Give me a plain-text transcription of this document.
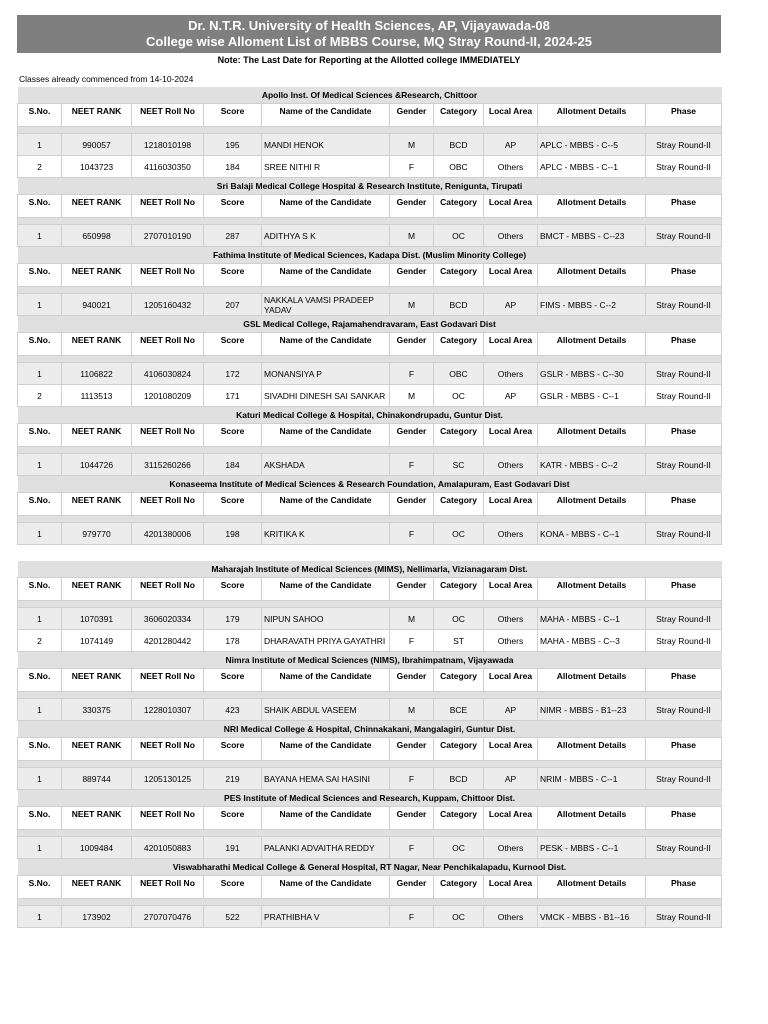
Dr. N.T.R. University of Health Sciences, AP, Vijayawada-08
College wise Alloment List of MBBS Course, MQ Stray Round-II, 2024-25
Note: The Last Date for Reporting at the Allotted college IMMEDIATELY
Classes already commenced from 14-10-2024
Apollo Inst. Of Medical Sciences &Research, Chittoor									
S.No.	NEET RANK	NEET Roll No	Score	Name of the Candidate	Gender	Category	Local Area	Allotment Details	Phase

1	990057	1218010198	195	MANDI HENOK	M	BCD	AP	APLC - MBBS - C--5	Stray Round-II
2	1043723	4116030350	184	SREE NITHI R	F	OBC	Others	APLC - MBBS - C--1	Stray Round-II
Sri Balaji Medical College Hospital & Research Institute, Renigunta, Tirupati									
S.No.	NEET RANK	NEET Roll No	Score	Name of the Candidate	Gender	Category	Local Area	Allotment Details	Phase

1	650998	2707010190	287	ADITHYA S K	M	OC	Others	BMCT - MBBS - C--23	Stray Round-II
Fathima Institute of Medical Sciences, Kadapa Dist. (Muslim Minority College)									
S.No.	NEET RANK	NEET Roll No	Score	Name of the Candidate	Gender	Category	Local Area	Allotment Details	Phase

1	940021	1205160432	207	NAKKALA VAMSI PRADEEP YADAV	M	BCD	AP	FIMS - MBBS - C--2	Stray Round-II
GSL Medical College, Rajamahendravaram, East Godavari Dist									
S.No.	NEET RANK	NEET Roll No	Score	Name of the Candidate	Gender	Category	Local Area	Allotment Details	Phase

1	1106822	4106030824	172	MONANSIYA P	F	OBC	Others	GSLR - MBBS - C--30	Stray Round-II
2	1113513	1201080209	171	SIVADHI DINESH SAI SANKAR	M	OC	AP	GSLR - MBBS - C--1	Stray Round-II
Katuri Medical College & Hospital, Chinakondrupadu, Guntur Dist.									
S.No.	NEET RANK	NEET Roll No	Score	Name of the Candidate	Gender	Category	Local Area	Allotment Details	Phase

1	1044726	3115260266	184	AKSHADA	F	SC	Others	KATR - MBBS - C--2	Stray Round-II
Konaseema Institute of Medical Sciences & Research Foundation, Amalapuram, East Godavari Dist									
S.No.	NEET RANK	NEET Roll No	Score	Name of the Candidate	Gender	Category	Local Area	Allotment Details	Phase

1	979770	4201380006	198	KRITIKA K	F	OC	Others	KONA - MBBS - C--1	Stray Round-II
Maharajah Institute of Medical Sciences (MIMS), Nellimarla, Vizianagaram Dist.									
S.No.	NEET RANK	NEET Roll No	Score	Name of the Candidate	Gender	Category	Local Area	Allotment Details	Phase

1	1070391	3606020334	179	NIPUN SAHOO	M	OC	Others	MAHA - MBBS - C--1	Stray Round-II
2	1074149	4201280442	178	DHARAVATH PRIYA GAYATHRI	F	ST	Others	MAHA - MBBS - C--3	Stray Round-II
Nimra Institute of Medical Sciences (NIMS), Ibrahimpatnam, Vijayawada									
S.No.	NEET RANK	NEET Roll No	Score	Name of the Candidate	Gender	Category	Local Area	Allotment Details	Phase

1	330375	1228010307	423	SHAIK ABDUL VASEEM	M	BCE	AP	NIMR - MBBS - B1--23	Stray Round-II
NRI Medical College & Hospital, Chinnakakani, Mangalagiri, Guntur Dist.									
S.No.	NEET RANK	NEET Roll No	Score	Name of the Candidate	Gender	Category	Local Area	Allotment Details	Phase

1	889744	1205130125	219	BAYANA HEMA SAI HASINI	F	BCD	AP	NRIM - MBBS - C--1	Stray Round-II
PES Institute of Medical Sciences and Research, Kuppam, Chittoor Dist.									
S.No.	NEET RANK	NEET Roll No	Score	Name of the Candidate	Gender	Category	Local Area	Allotment Details	Phase

1	1009484	4201050883	191	PALANKI ADVAITHA REDDY	F	OC	Others	PESK - MBBS - C--1	Stray Round-II
Viswabharathi Medical College & General Hospital, RT Nagar, Near Penchikalapadu, Kurnool Dist.									
S.No.	NEET RANK	NEET Roll No	Score	Name of the Candidate	Gender	Category	Local Area	Allotment Details	Phase

1	173902	2707070476	522	PRATHIBHA V	F	OC	Others	VMCK - MBBS - B1--16	Stray Round-II
